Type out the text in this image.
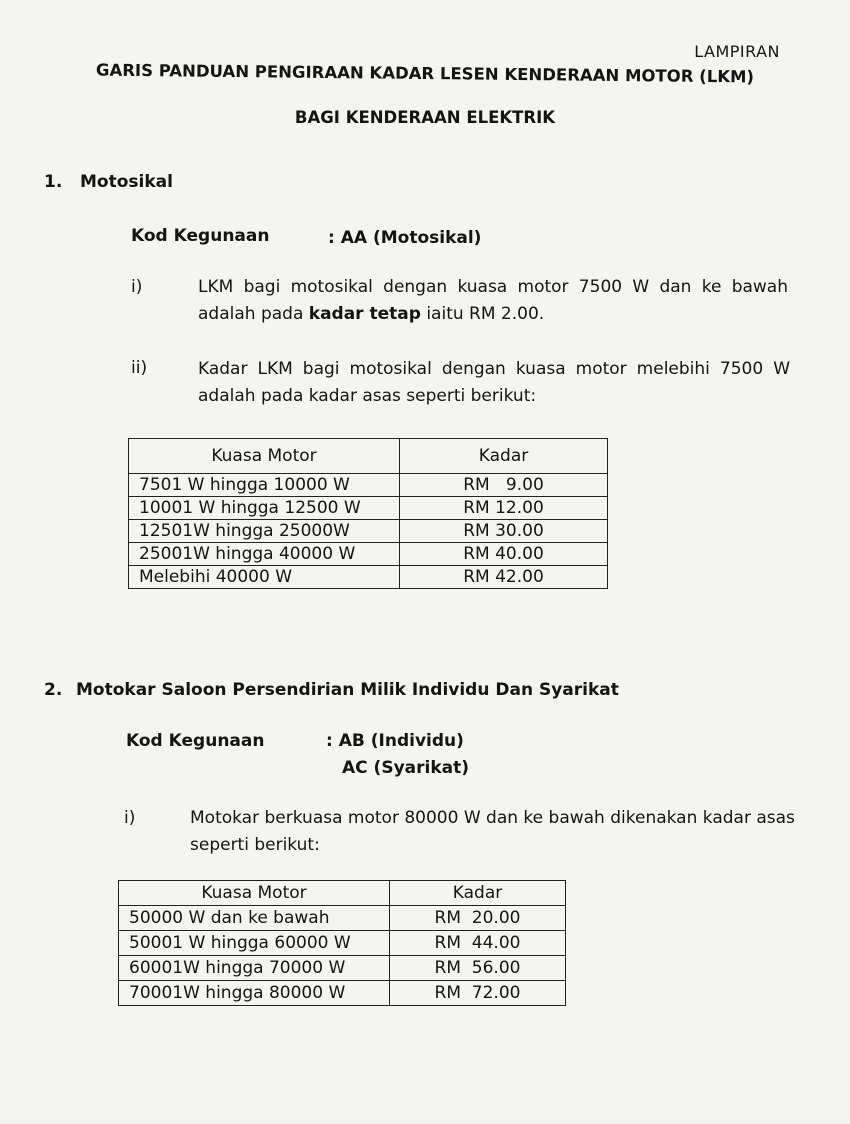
LAMPIRAN
GARIS PANDUAN PENGIRAAN KADAR LESEN KENDERAAN MOTOR (LKM)
BAGI KENDERAAN ELEKTRIK
1. Motosikal
Kod Kegunaan	: AA (Motosikal)
i)	LKM bagi motosikal dengan kuasa motor 7500 W dan ke bawah adalah pada kadar tetap iaitu RM 2.00.
ii)	Kadar LKM bagi motosikal dengan kuasa motor melebihi 7500 W adalah pada kadar asas seperti berikut:
Kuasa Motor	Kadar
7501 W hingga 10000 W	RM   9.00
10001 W hingga 12500 W	RM 12.00
12501W hingga 25000W	RM 30.00
25001W hingga 40000 W	RM 40.00
Melebihi 40000 W	RM 42.00
2. Motokar Saloon Persendirian Milik Individu Dan Syarikat
Kod Kegunaan	: AB (Individu)
AC (Syarikat)
i)	Motokar berkuasa motor 80000 W dan ke bawah dikenakan kadar asas seperti berikut:
Kuasa Motor	Kadar
50000 W dan ke bawah	RM  20.00
50001 W hingga 60000 W	RM  44.00
60001W hingga 70000 W	RM  56.00
70001W hingga 80000 W	RM  72.00
